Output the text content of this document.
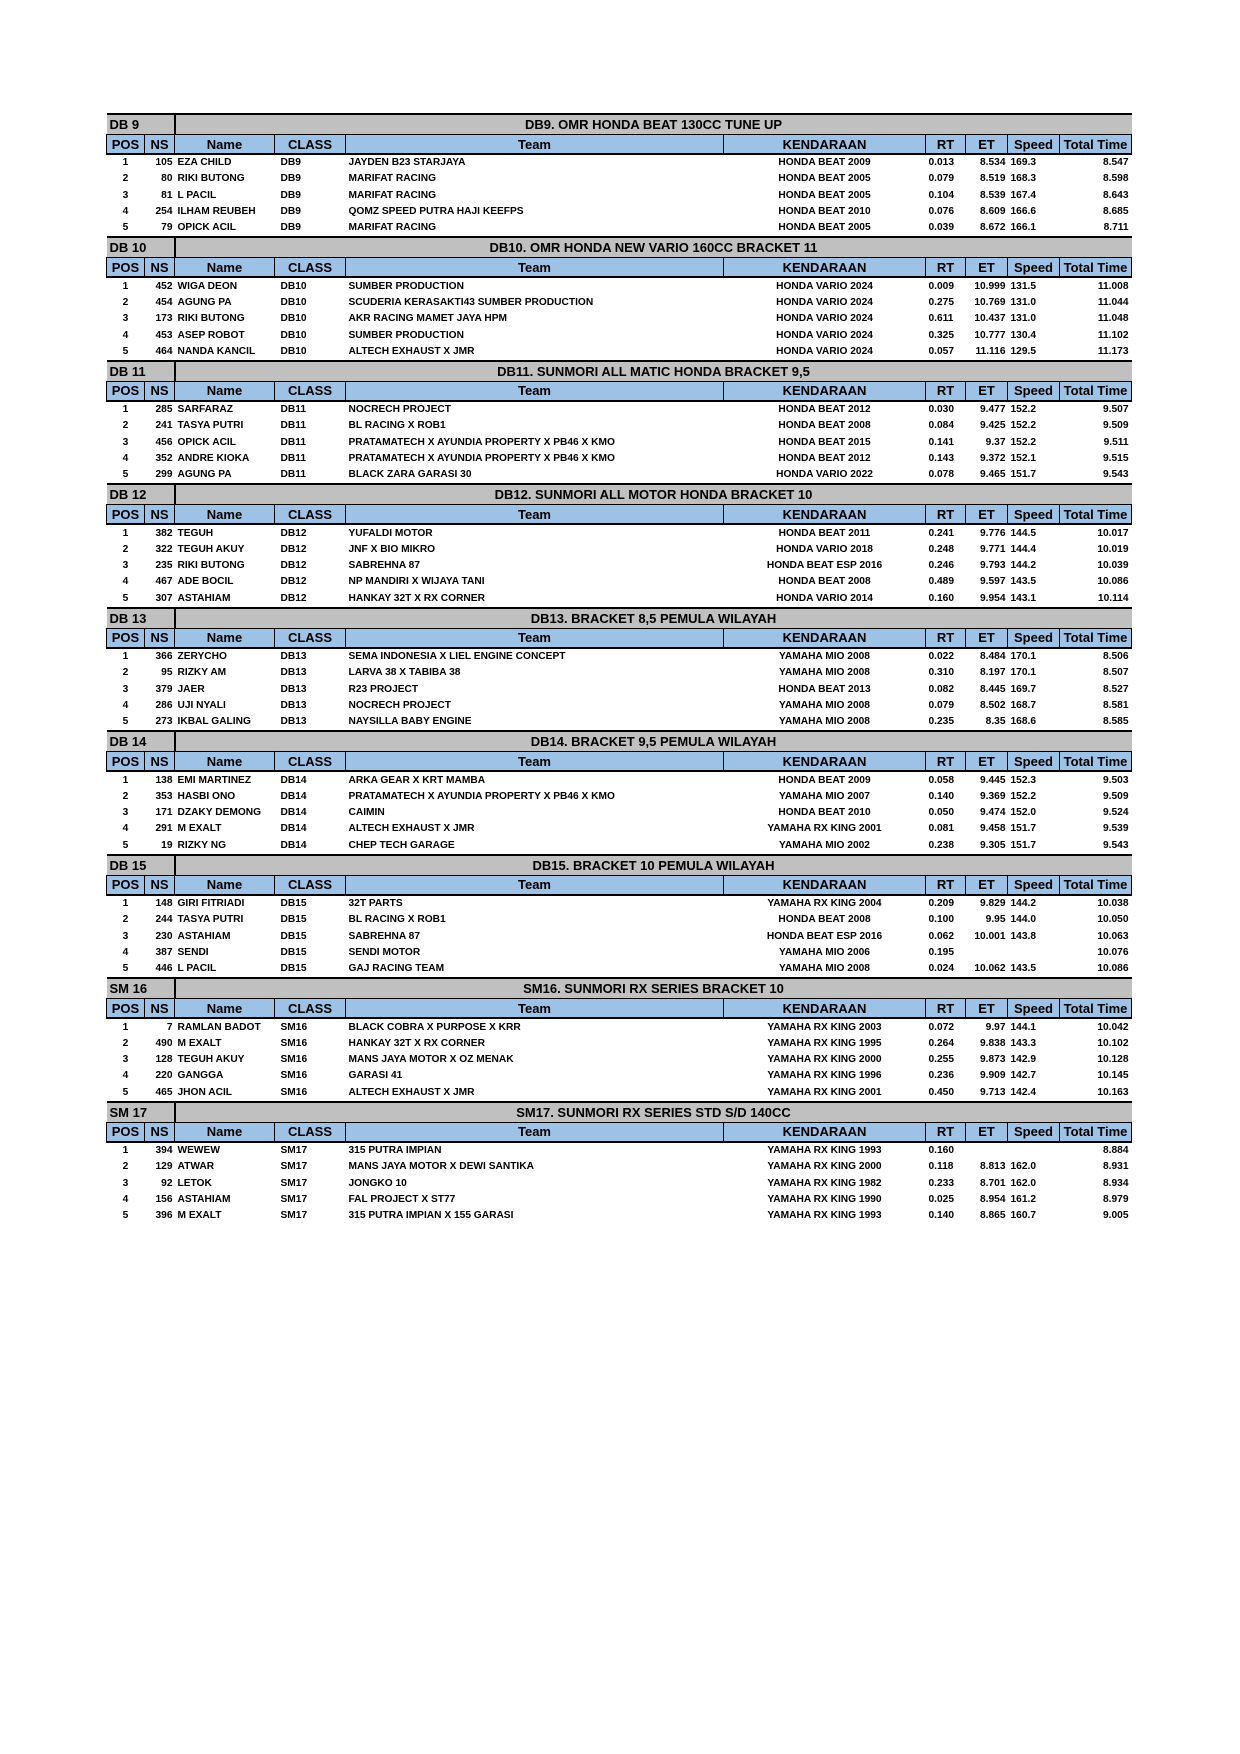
DB 9		DB9. OMR HONDA BEAT 130CC TUNE UP							
POS	NS	Name	CLASS	Team	KENDARAAN	RT	ET	Speed	Total Time
1	105	EZA CHILD	DB9	JAYDEN B23 STARJAYA	HONDA BEAT 2009	0.013	8.534	169.3	8.547
2	80	RIKI BUTONG	DB9	MARIFAT RACING	HONDA BEAT 2005	0.079	8.519	168.3	8.598
3	81	L PACIL	DB9	MARIFAT RACING	HONDA BEAT 2005	0.104	8.539	167.4	8.643
4	254	ILHAM REUBEH	DB9	QOMZ SPEED PUTRA HAJI KEEFPS	HONDA BEAT 2010	0.076	8.609	166.6	8.685
5	79	OPICK ACIL	DB9	MARIFAT RACING	HONDA BEAT 2005	0.039	8.672	166.1	8.711
DB 10		DB10. OMR HONDA NEW VARIO 160CC BRACKET 11							
POS	NS	Name	CLASS	Team	KENDARAAN	RT	ET	Speed	Total Time
1	452	WIGA DEON	DB10	SUMBER PRODUCTION	HONDA VARIO 2024	0.009	10.999	131.5	11.008
2	454	AGUNG PA	DB10	SCUDERIA KERASAKTI43 SUMBER PRODUCTION	HONDA VARIO 2024	0.275	10.769	131.0	11.044
3	173	RIKI BUTONG	DB10	AKR RACING MAMET JAYA HPM	HONDA VARIO 2024	0.611	10.437	131.0	11.048
4	453	ASEP ROBOT	DB10	SUMBER PRODUCTION	HONDA VARIO 2024	0.325	10.777	130.4	11.102
5	464	NANDA KANCIL	DB10	ALTECH EXHAUST X JMR	HONDA VARIO 2024	0.057	11.116	129.5	11.173
DB 11		DB11. SUNMORI ALL MATIC HONDA BRACKET 9,5							
POS	NS	Name	CLASS	Team	KENDARAAN	RT	ET	Speed	Total Time
1	285	SARFARAZ	DB11	NOCRECH PROJECT	HONDA BEAT 2012	0.030	9.477	152.2	9.507
2	241	TASYA PUTRI	DB11	BL RACING X ROB1	HONDA BEAT 2008	0.084	9.425	152.2	9.509
3	456	OPICK ACIL	DB11	PRATAMATECH X AYUNDIA PROPERTY X PB46 X KMO	HONDA BEAT 2015	0.141	9.37	152.2	9.511
4	352	ANDRE KIOKA	DB11	PRATAMATECH X AYUNDIA PROPERTY X PB46 X KMO	HONDA BEAT 2012	0.143	9.372	152.1	9.515
5	299	AGUNG PA	DB11	BLACK ZARA GARASI 30	HONDA VARIO 2022	0.078	9.465	151.7	9.543
DB 12		DB12. SUNMORI ALL MOTOR HONDA BRACKET 10							
POS	NS	Name	CLASS	Team	KENDARAAN	RT	ET	Speed	Total Time
1	382	TEGUH	DB12	YUFALDI MOTOR	HONDA BEAT 2011	0.241	9.776	144.5	10.017
2	322	TEGUH AKUY	DB12	JNF X BIO MIKRO	HONDA VARIO 2018	0.248	9.771	144.4	10.019
3	235	RIKI BUTONG	DB12	SABREHNA 87	HONDA BEAT ESP 2016	0.246	9.793	144.2	10.039
4	467	ADE BOCIL	DB12	NP MANDIRI X WIJAYA TANI	HONDA BEAT 2008	0.489	9.597	143.5	10.086
5	307	ASTAHIAM	DB12	HANKAY 32T X RX CORNER	HONDA VARIO 2014	0.160	9.954	143.1	10.114
DB 13		DB13. BRACKET 8,5 PEMULA WILAYAH							
POS	NS	Name	CLASS	Team	KENDARAAN	RT	ET	Speed	Total Time
1	366	ZERYCHO	DB13	SEMA INDONESIA X LIEL ENGINE CONCEPT	YAMAHA MIO 2008	0.022	8.484	170.1	8.506
2	95	RIZKY AM	DB13	LARVA 38 X TABIBA 38	YAMAHA MIO 2008	0.310	8.197	170.1	8.507
3	379	JAER	DB13	R23 PROJECT	HONDA BEAT 2013	0.082	8.445	169.7	8.527
4	286	UJI NYALI	DB13	NOCRECH PROJECT	YAMAHA MIO 2008	0.079	8.502	168.7	8.581
5	273	IKBAL GALING	DB13	NAYSILLA BABY ENGINE	YAMAHA MIO 2008	0.235	8.35	168.6	8.585
DB 14		DB14. BRACKET 9,5 PEMULA WILAYAH							
POS	NS	Name	CLASS	Team	KENDARAAN	RT	ET	Speed	Total Time
1	138	EMI MARTINEZ	DB14	ARKA GEAR X KRT MAMBA	HONDA BEAT 2009	0.058	9.445	152.3	9.503
2	353	HASBI ONO	DB14	PRATAMATECH X AYUNDIA PROPERTY X PB46 X KMO	YAMAHA MIO 2007	0.140	9.369	152.2	9.509
3	171	DZAKY DEMONG	DB14	CAIMIN	HONDA BEAT 2010	0.050	9.474	152.0	9.524
4	291	M EXALT	DB14	ALTECH EXHAUST X JMR	YAMAHA RX KING 2001	0.081	9.458	151.7	9.539
5	19	RIZKY NG	DB14	CHEP TECH GARAGE	YAMAHA MIO 2002	0.238	9.305	151.7	9.543
DB 15		DB15. BRACKET 10 PEMULA WILAYAH							
POS	NS	Name	CLASS	Team	KENDARAAN	RT	ET	Speed	Total Time
1	148	GIRI FITRIADI	DB15	32T PARTS	YAMAHA RX KING 2004	0.209	9.829	144.2	10.038
2	244	TASYA PUTRI	DB15	BL RACING X ROB1	HONDA BEAT 2008	0.100	9.95	144.0	10.050
3	230	ASTAHIAM	DB15	SABREHNA 87	HONDA BEAT ESP 2016	0.062	10.001	143.8	10.063
4	387	SENDI	DB15	SENDI MOTOR	YAMAHA MIO 2006	0.195			10.076
5	446	L PACIL	DB15	GAJ RACING TEAM	YAMAHA MIO 2008	0.024	10.062	143.5	10.086
SM 16		SM16. SUNMORI RX SERIES BRACKET 10							
POS	NS	Name	CLASS	Team	KENDARAAN	RT	ET	Speed	Total Time
1	7	RAMLAN BADOT	SM16	BLACK COBRA X PURPOSE X KRR	YAMAHA RX KING 2003	0.072	9.97	144.1	10.042
2	490	M EXALT	SM16	HANKAY 32T X RX CORNER	YAMAHA RX KING 1995	0.264	9.838	143.3	10.102
3	128	TEGUH AKUY	SM16	MANS JAYA MOTOR X OZ MENAK	YAMAHA RX KING 2000	0.255	9.873	142.9	10.128
4	220	GANGGA	SM16	GARASI 41	YAMAHA RX KING 1996	0.236	9.909	142.7	10.145
5	465	JHON ACIL	SM16	ALTECH EXHAUST X JMR	YAMAHA RX KING 2001	0.450	9.713	142.4	10.163
SM 17		SM17. SUNMORI RX SERIES STD S/D 140CC							
POS	NS	Name	CLASS	Team	KENDARAAN	RT	ET	Speed	Total Time
1	394	WEWEW	SM17	315 PUTRA IMPIAN	YAMAHA RX KING 1993	0.160			8.884
2	129	ATWAR	SM17	MANS JAYA MOTOR X DEWI SANTIKA	YAMAHA RX KING 2000	0.118	8.813	162.0	8.931
3	92	LETOK	SM17	JONGKO 10	YAMAHA RX KING 1982	0.233	8.701	162.0	8.934
4	156	ASTAHIAM	SM17	FAL PROJECT X ST77	YAMAHA RX KING 1990	0.025	8.954	161.2	8.979
5	396	M EXALT	SM17	315 PUTRA IMPIAN X 155 GARASI	YAMAHA RX KING 1993	0.140	8.865	160.7	9.005
